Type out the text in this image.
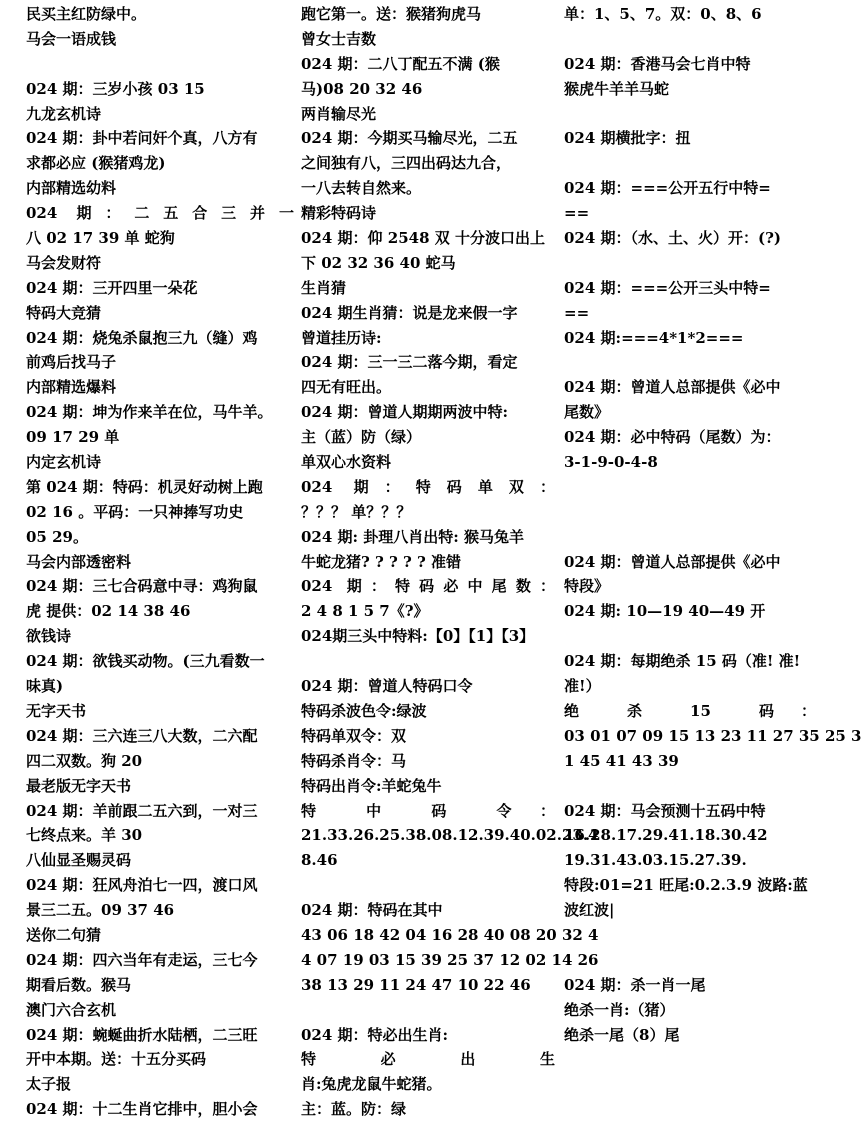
民买主红防绿中。
马会一语成钱
024 期：三岁小孩 03 15
九龙玄机诗
024 期：卦中若问奸个真，八方有
求都必应 (猴猪鸡龙)
内部精选幼料
024 期：二五合三并一
八 02 17 39 单 蛇狗
马会发财符
024 期：三开四里一朵花
特码大竞猜
024 期：烧兔杀鼠抱三九（缝）鸡
前鸡后找马子
内部精选爆料
024 期：坤为作来羊在位，马牛羊。
09 17 29 单
内定玄机诗
第 024 期：特码：机灵好动树上跑
02 16 。平码：一只神捧写功史
05 29。
马会内部透密料
024 期：三七合码意中寻：鸡狗鼠
虎 提供：02 14 38 46
欲钱诗
024 期：欲钱买动物。(三九看数一
味真)
无字天书
024 期：三六连三八大数，二六配
四二双数。狗 20
最老版无字天书
024 期：羊前跟二五六到，一对三
七终点来。羊 30
八仙显圣赐灵码
024 期：狂风舟泊七一四，渡口风
景三二五。09 37 46
送你二句猜
024 期：四六当年有走运，三七今
期看后数。猴马
澳门六合玄机
024 期：蜿蜒曲折水陆栖，二三旺
开中本期。送：十五分买码
太子报
024 期：十二生肖它排中，胆小会
跑它第一。送：猴猪狗虎马
曾女士吉数
024 期：二八丁配五不满 (猴
马)08 20 32 46
两肖输尽光
024 期：今期买马输尽光，二五
之间独有八，三四出码达九合，
一八去转自然来。
精彩特码诗
024 期：仰 2548 双 十分波口出上
下 02 32 36 40 蛇马
生肖猜
024 期生肖猜：说是龙来假一字
曾道挂历诗:
024 期：三一三二落今期，看定
四无有旺出。
024 期：曾道人期期两波中特:
主（蓝）防（绿）
单双心水资料
024 期：特码单双：
？？？ 单？？？
024 期: 卦理八肖出特: 猴马兔羊
牛蛇龙猪? ? ? ? ? 准错
024 期：特码必中尾数：
2 4 8 1 5 7《?》
024期三头中特料:【0】【1】【3】
024 期：曾道人特码口令
特码杀波色令:绿波
特码单双令：双
特码杀肖令：马
特码出肖令:羊蛇兔牛
特　　中　　码　　令　：
21.33.26.25.38.08.12.39.40.02.23.4
8.46
024 期：特码在其中
43 06 18 42 04 16 28 40 08 20 32 4
4 07 19 03 15 39 25 37 12 02 14 26
38 13 29 11 24 47 10 22 46
024 期：特必出生肖:
特　　必　　出　　生
肖:兔虎龙鼠牛蛇猪。
主：蓝。防：绿
单：1、5、7。双：0、8、6
024 期：香港马会七肖中特
猴虎牛羊羊马蛇
024 期横批字：扭
024 期：===公开五行中特=
==
024 期：（水、土、火）开：(?)
024 期：===公开三头中特=
==
024 期:===4*1*2===
024 期：曾道人总部提供《必中
尾数》
024 期：必中特码（尾数）为：
3-1-9-0-4-8
024 期：曾道人总部提供《必中
特段》
024 期: 10—19 40—49 开
024 期：每期绝杀 15 码（准! 准!
准!）
绝　　杀　　15　　码　：
03 01 07 09 15 13 23 11 27 35 25 3
1 45 41 43 39
024 期：马会预测十五码中特
16.28.17.29.41.18.30.42
19.31.43.03.15.27.39.
特段:01=21 旺尾:0.2.3.9 波路:蓝
波红波|
024 期：杀一肖一尾
绝杀一肖:（猪）
绝杀一尾（8）尾
